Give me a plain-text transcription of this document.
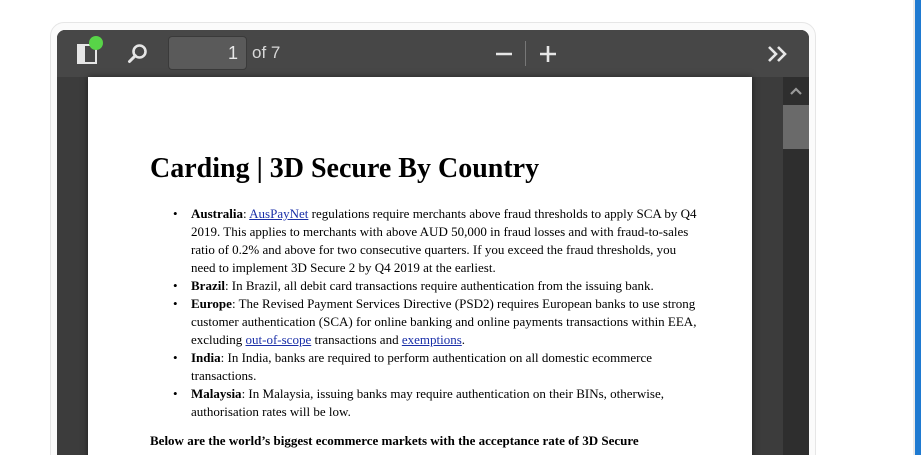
1
of 7
Carding | 3D Secure By Country
• Australia: AusPayNet regulations require merchants above fraud thresholds to apply SCA by Q4 2019. This applies to merchants with above AUD 50,000 in fraud losses and with fraud-to-sales ratio of 0.2% and above for two consecutive quarters. If you exceed the fraud thresholds, you need to implement 3D Secure 2 by Q4 2019 at the earliest.
• Brazil: In Brazil, all debit card transactions require authentication from the issuing bank.
• Europe: The Revised Payment Services Directive (PSD2) requires European banks to use strong customer authentication (SCA) for online banking and online payments transactions within EEA, excluding out-of-scope transactions and exemptions.
• India: In India, banks are required to perform authentication on all domestic ecommerce transactions.
• Malaysia: In Malaysia, issuing banks may require authentication on their BINs, otherwise, authorisation rates will be low.

Below are the world’s biggest ecommerce markets with the acceptance rate of 3D Secure
